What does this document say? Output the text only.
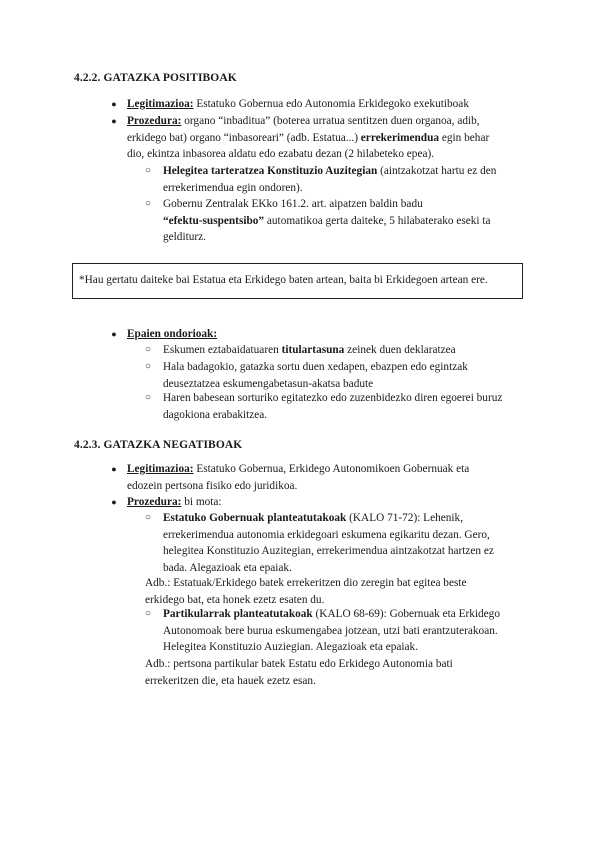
4.2.2. GATAZKA POSITIBOAK
● Legitimazioa: Estatuko Gobernua edo Autonomia Erkidegoko exekutiboak
● Prozedura: organo “inbaditua” (boterea urratua sentitzen duen organoa, adib,
erkidego bat) organo “inbasoreari” (adb. Estatua...) errekerimendua egin behar
dio, ekintza inbasorea aldatu edo ezabatu dezan (2 hilabeteko epea).
○ Helegitea tarteratzea Konstituzio Auzitegian (aintzakotzat hartu ez den
errekerimendua egin ondoren).
○ Gobernu Zentralak EKko 161.2. art. aipatzen baldin badu
“efektu-suspentsibo” automatikoa gerta daiteke, 5 hilabaterako eseki ta
gelditurz.
*Hau gertatu daiteke bai Estatua eta Erkidego baten artean, baita bi Erkidegoen artean ere.
● Epaien ondorioak:
○ Eskumen eztabaidatuaren titulartasuna zeinek duen deklaratzea
○ Hala badagokio, gatazka sortu duen xedapen, ebazpen edo egintzak
deuseztatzea eskumengabetasun-akatsa badute
○ Haren babesean sorturiko egitatezko edo zuzenbidezko diren egoerei buruz
dagokiona erabakitzea.
4.2.3. GATAZKA NEGATIBOAK
● Legitimazioa: Estatuko Gobernua, Erkidego Autonomikoen Gobernuak eta
edozein pertsona fisiko edo juridikoa.
● Prozedura: bi mota:
○ Estatuko Gobernuak planteatutakoak (KALO 71-72): Lehenik,
errekerimendua autonomia erkidegoari eskumena egikaritu dezan. Gero,
helegitea Konstituzio Auzitegian, errekerimendua aintzakotzat hartzen ez
bada. Alegazioak eta epaiak.
Adb.: Estatuak/Erkidego batek errekeritzen dio zeregin bat egitea beste
erkidego bat, eta honek ezetz esaten du.
○ Partikularrak planteatutakoak (KALO 68-69): Gobernuak eta Erkidego
Autonomoak bere burua eskumengabea jotzean, utzi bati erantzuterakoan.
Helegitea Konstituzio Auziegian. Alegazioak eta epaiak.
Adb.: pertsona partikular batek Estatu edo Erkidego Autonomia bati
errekeritzen die, eta hauek ezetz esan.
